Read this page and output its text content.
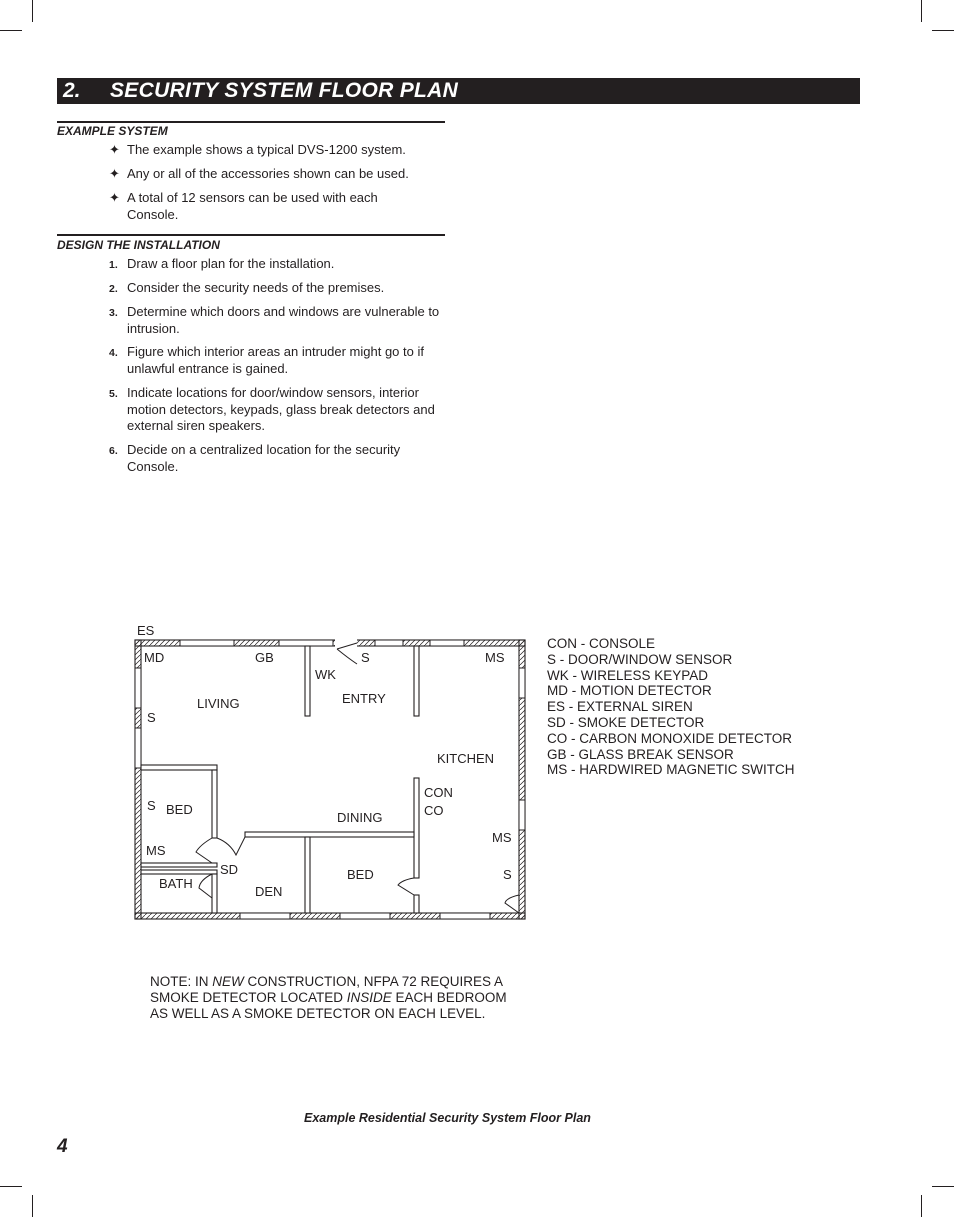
2. SECURITY SYSTEM FLOOR PLAN
EXAMPLE SYSTEM
✦ The example shows a typical DVS-1200 system.
✦ Any or all of the accessories shown can be used.
✦ A total of 12 sensors can be used with each Console.
DESIGN THE INSTALLATION
1. Draw a floor plan for the installation.
2. Consider the security needs of the premises.
3. Determine which doors and windows are vulnerable to intrusion.
4. Figure which interior areas an intruder might go to if unlawful entrance is gained.
5. Indicate locations for door/window sensors, interior motion detectors, keypads, glass break detectors and external siren speakers.
6. Decide on a centralized location for the security Console.
ES
MD	GB
WK
S	MS
LIVING
S
ENTRY
KITCHEN
CON
CO
S BED
DINING
MS
MS
SD
BATH
DEN
BED	S
CON - CONSOLE
S - DOOR/WINDOW SENSOR
WK - WIRELESS KEYPAD
MD - MOTION DETECTOR
ES - EXTERNAL SIREN
SD - SMOKE DETECTOR
CO - CARBON MONOXIDE DETECTOR
GB - GLASS BREAK SENSOR
MS - HARDWIRED MAGNETIC SWITCH
NOTE: IN NEW CONSTRUCTION, NFPA 72 REQUIRES A SMOKE DETECTOR LOCATED INSIDE EACH BEDROOM AS WELL AS A SMOKE DETECTOR ON EACH LEVEL.
Example Residential Security System Floor Plan
4
